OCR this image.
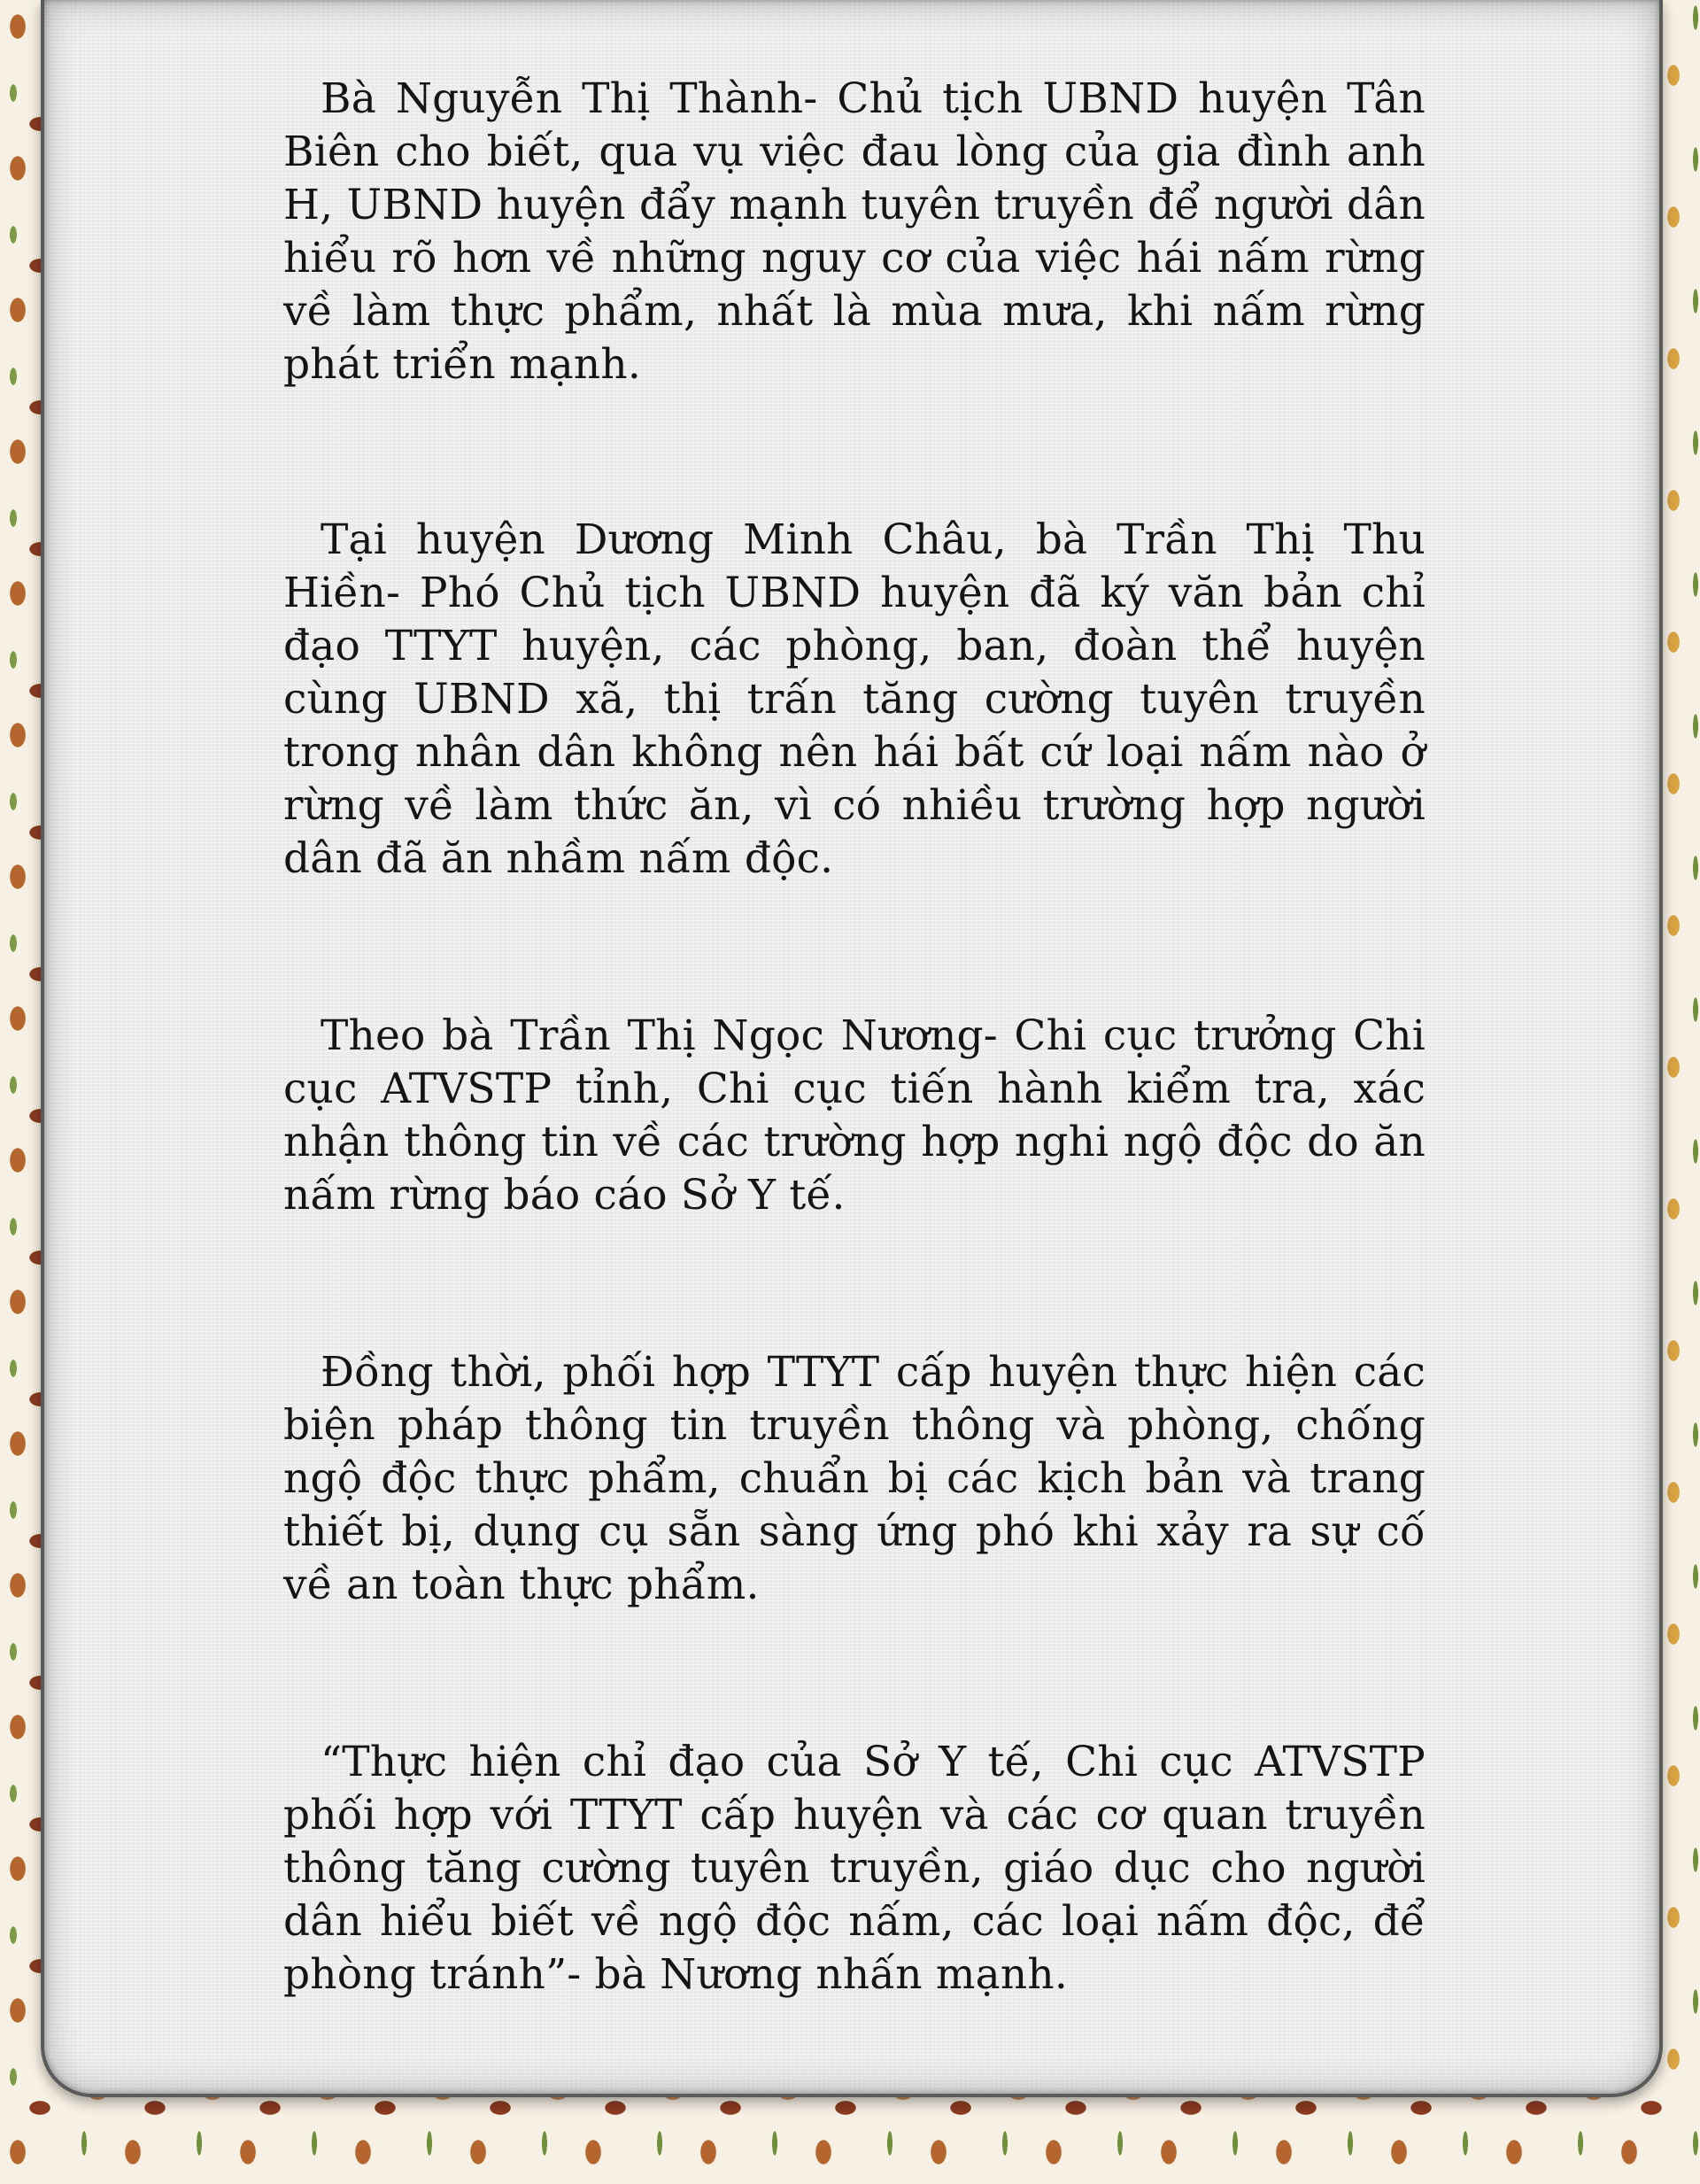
Bà Nguyễn Thị Thành- Chủ tịch UBND huyện Tân Biên cho biết, qua vụ việc đau lòng của gia đình anh H, UBND huyện đẩy mạnh tuyên truyền để người dân hiểu rõ hơn về những nguy cơ của việc hái nấm rừng về làm thực phẩm, nhất là mùa mưa, khi nấm rừng phát triển mạnh.

Tại huyện Dương Minh Châu, bà Trần Thị Thu Hiền- Phó Chủ tịch UBND huyện đã ký văn bản chỉ đạo TTYT huyện, các phòng, ban, đoàn thể huyện cùng UBND xã, thị trấn tăng cường tuyên truyền trong nhân dân không nên hái bất cứ loại nấm nào ở rừng về làm thức ăn, vì có nhiều trường hợp người dân đã ăn nhầm nấm độc.

Theo bà Trần Thị Ngọc Nương- Chi cục trưởng Chi cục ATVSTP tỉnh, Chi cục tiến hành kiểm tra, xác nhận thông tin về các trường hợp nghi ngộ độc do ăn nấm rừng báo cáo Sở Y tế.

Đồng thời, phối hợp TTYT cấp huyện thực hiện các biện pháp thông tin truyền thông và phòng, chống ngộ độc thực phẩm, chuẩn bị các kịch bản và trang thiết bị, dụng cụ sẵn sàng ứng phó khi xảy ra sự cố về an toàn thực phẩm.

“Thực hiện chỉ đạo của Sở Y tế, Chi cục ATVSTP phối hợp với TTYT cấp huyện và các cơ quan truyền thông tăng cường tuyên truyền, giáo dục cho người dân hiểu biết về ngộ độc nấm, các loại nấm độc, để phòng tránh”- bà Nương nhấn mạnh.
